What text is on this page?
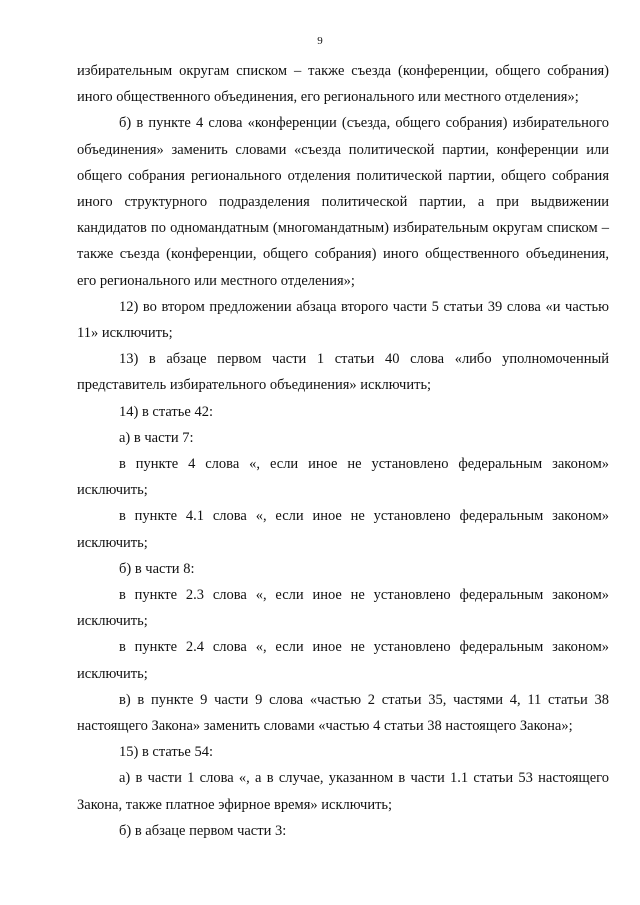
9

избирательным округам списком – также съезда (конференции, общего собрания) иного общественного объединения, его регионального или местного отделения»;

б) в пункте 4 слова «конференции (съезда, общего собрания) избирательного объединения» заменить словами «съезда политической партии, конференции или общего собрания регионального отделения политической партии, общего собрания иного структурного подразделения политической партии, а при выдвижении кандидатов по одномандатным (многомандатным) избирательным округам списком – также съезда (конференции, общего собрания) иного общественного объединения, его регионального или местного отделения»;

12) во втором предложении абзаца второго части 5 статьи 39 слова «и частью 11» исключить;

13) в абзаце первом части 1 статьи 40 слова «либо уполномоченный представитель избирательного объединения» исключить;

14) в статье 42:

а) в части 7:

в пункте 4 слова «, если иное не установлено федеральным законом» исключить;

в пункте 4.1 слова «, если иное не установлено федеральным законом» исключить;

б) в части 8:

в пункте 2.3 слова «, если иное не установлено федеральным законом» исключить;

в пункте 2.4 слова «, если иное не установлено федеральным законом» исключить;

в) в пункте 9 части 9 слова «частью 2 статьи 35, частями 4, 11 статьи 38 настоящего Закона» заменить словами «частью 4 статьи 38 настоящего Закона»;

15) в статье 54:

а) в части 1 слова «, а в случае, указанном в части 1.1 статьи 53 настоящего Закона, также платное эфирное время» исключить;

б) в абзаце первом части 3:
